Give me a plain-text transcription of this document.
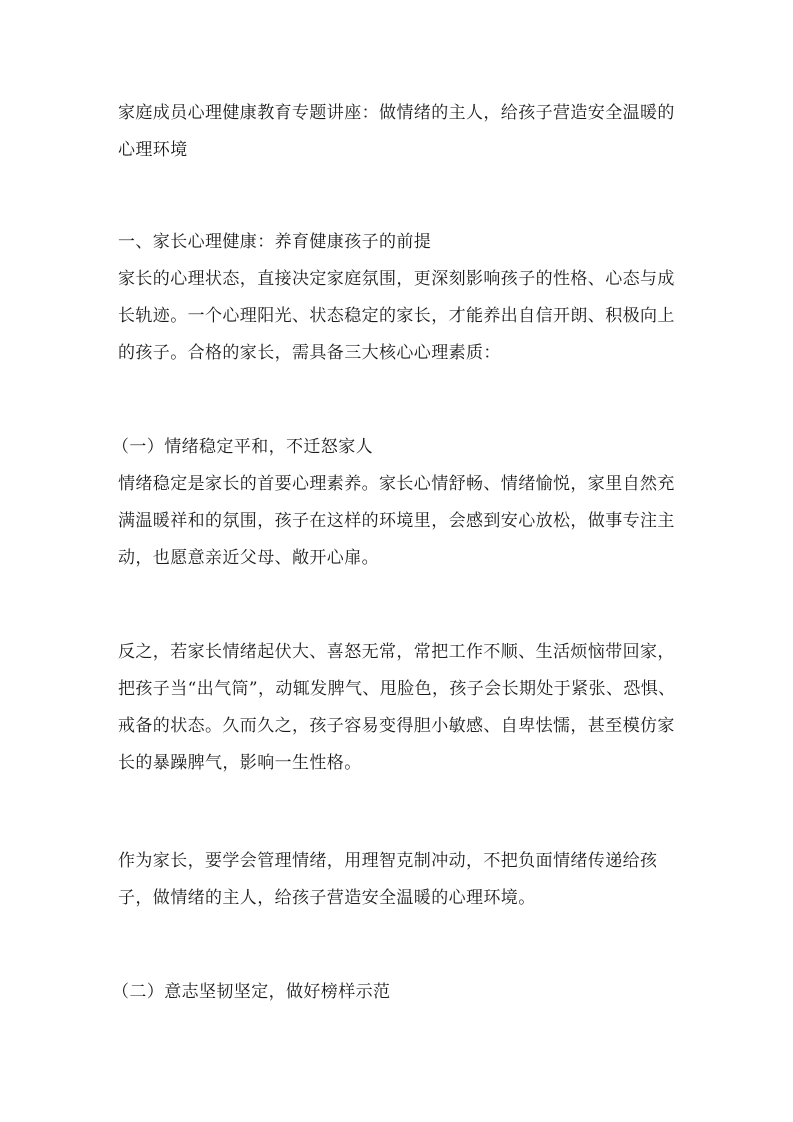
家庭成员心理健康教育专题讲座：做情绪的主人，给孩子营造安全温暖的心理环境
一、家长心理健康：养育健康孩子的前提
家长的心理状态，直接决定家庭氛围，更深刻影响孩子的性格、心态与成长轨迹。一个心理阳光、状态稳定的家长，才能养出自信开朗、积极向上的孩子。合格的家长，需具备三大核心心理素质：
（一）情绪稳定平和，不迁怒家人
情绪稳定是家长的首要心理素养。家长心情舒畅、情绪愉悦，家里自然充满温暖祥和的氛围，孩子在这样的环境里，会感到安心放松，做事专注主动，也愿意亲近父母、敞开心扉。
反之，若家长情绪起伏大、喜怒无常，常把工作不顺、生活烦恼带回家，把孩子当“出气筒”，动辄发脾气、甩脸色，孩子会长期处于紧张、恐惧、戒备的状态。久而久之，孩子容易变得胆小敏感、自卑怯懦，甚至模仿家长的暴躁脾气，影响一生性格。
作为家长，要学会管理情绪，用理智克制冲动，不把负面情绪传递给孩子，做情绪的主人，给孩子营造安全温暖的心理环境。
（二）意志坚韧坚定，做好榜样示范
